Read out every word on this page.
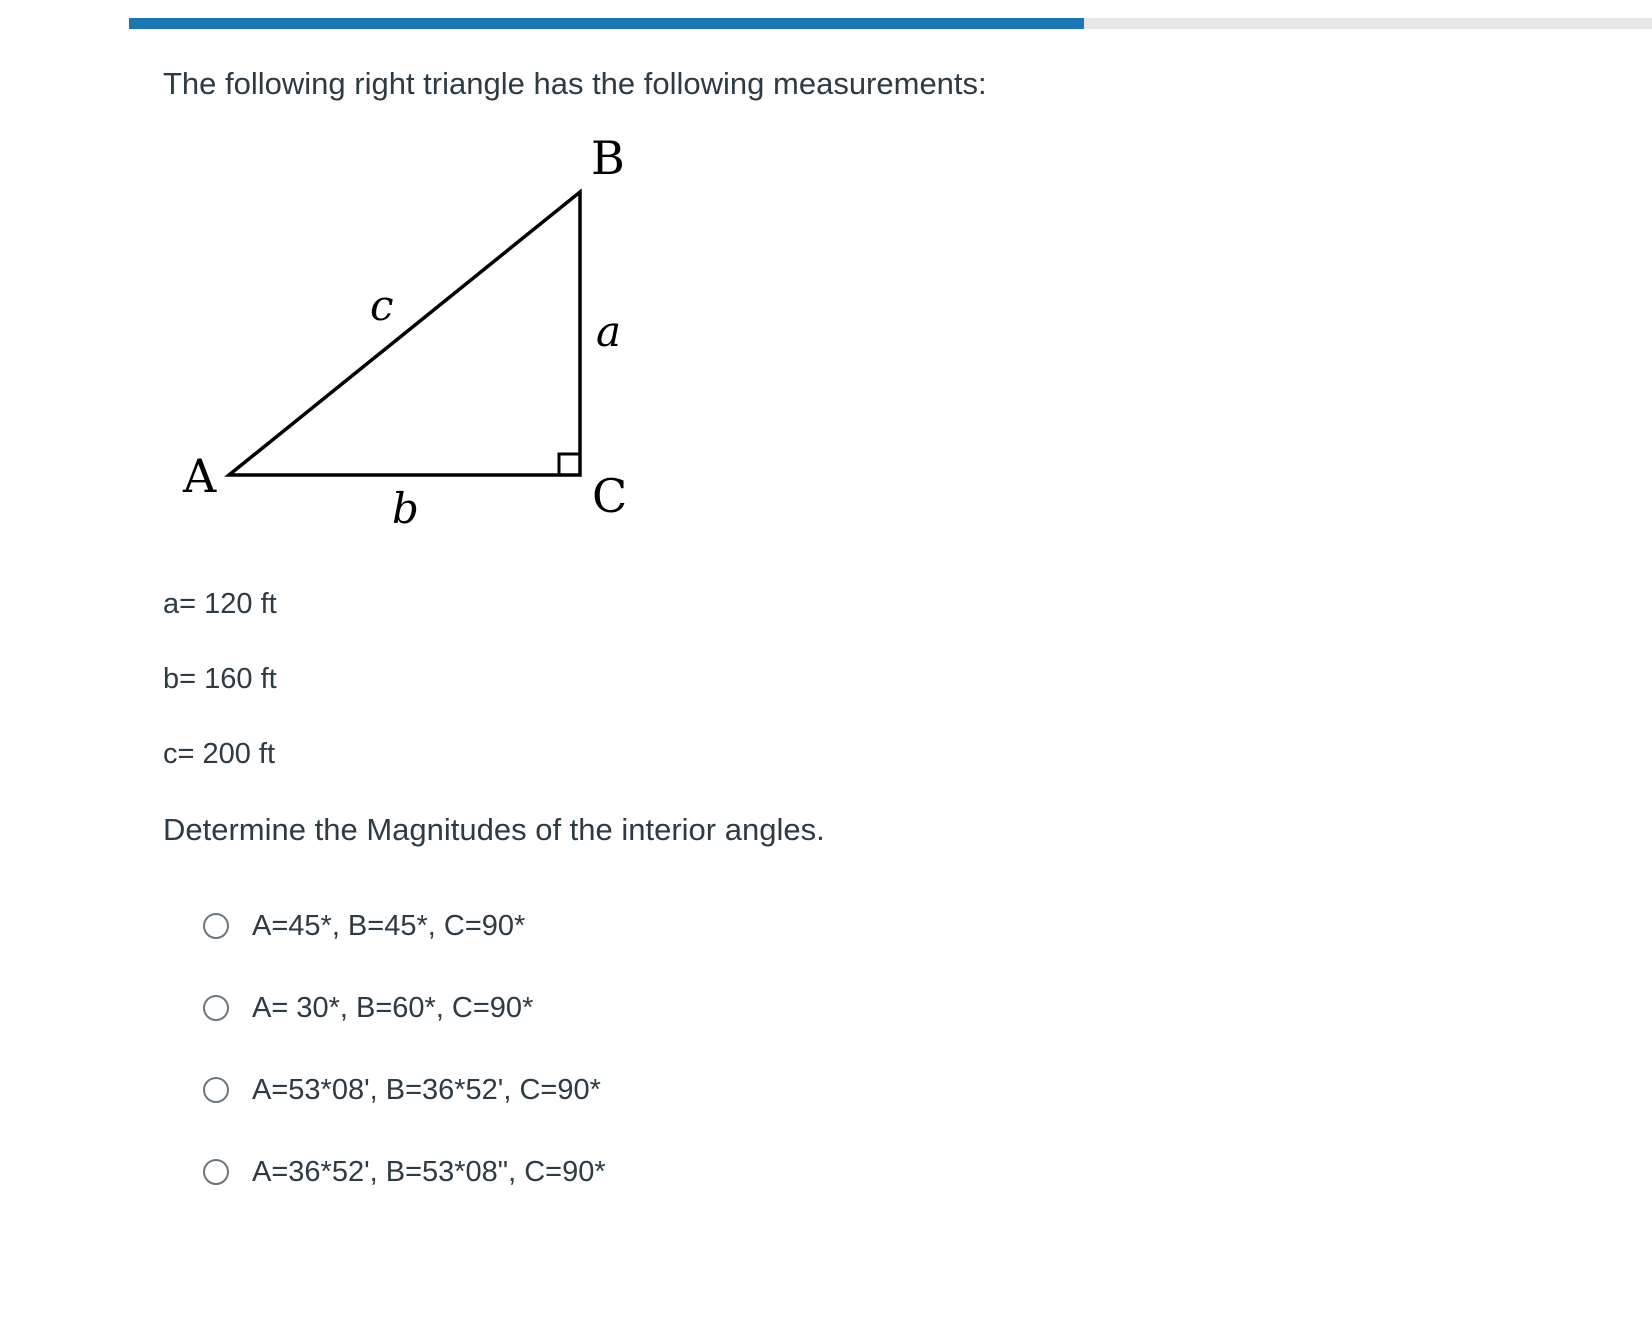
The following right triangle has the following measurements:

A
B
C
a
b
c

a= 120 ft

b= 160 ft

c= 200 ft

Determine the Magnitudes of the interior angles.

A=45*, B=45*, C=90*
A= 30*, B=60*, C=90*
A=53*08', B=36*52', C=90*
A=36*52', B=53*08", C=90*
